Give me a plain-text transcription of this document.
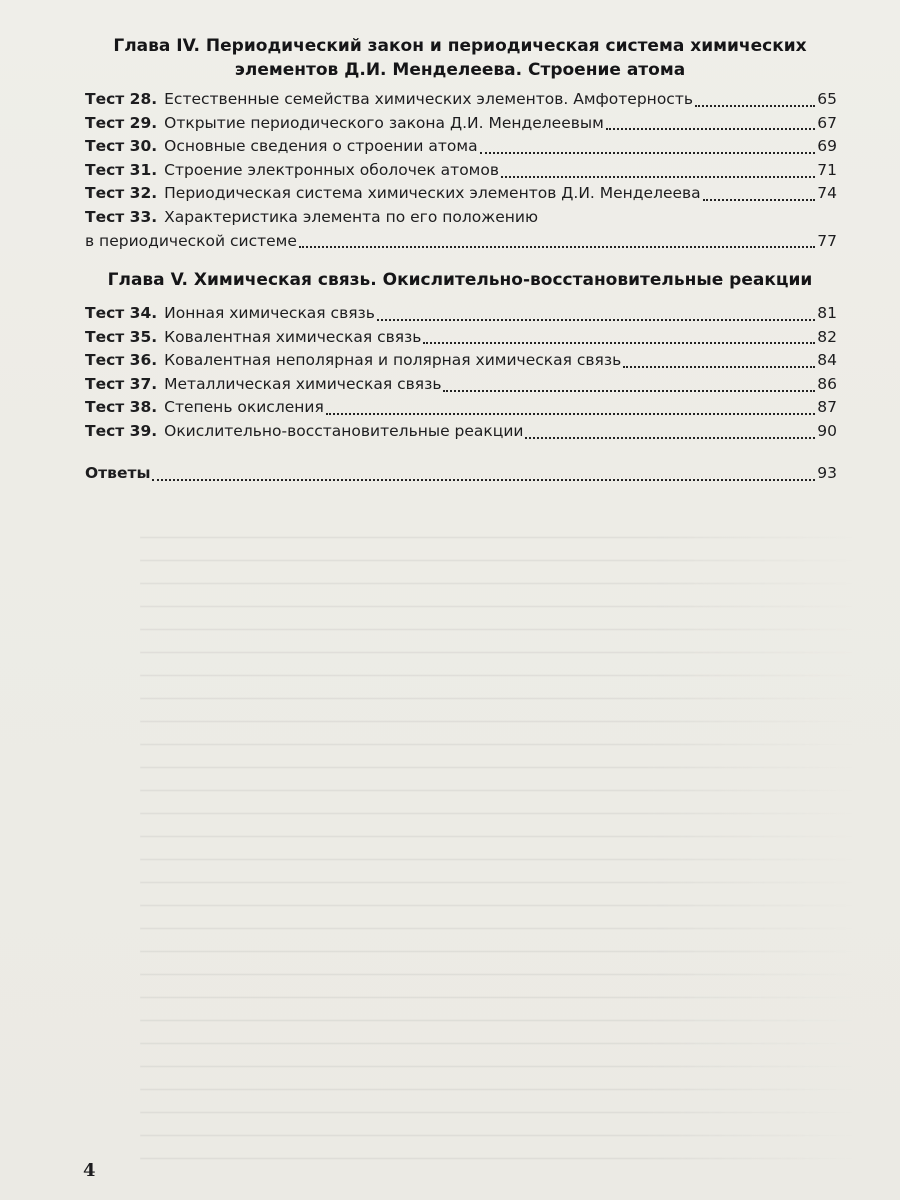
Глава IV. Периодический закон и периодическая система химических
элементов Д.И. Менделеева. Строение атома
Тест 28. Естественные семейства химических элементов. Амфотерность	65
Тест 29. Открытие периодического закона Д.И. Менделеевым	67
Тест 30. Основные сведения о строении атома	69
Тест 31. Строение электронных оболочек атомов	71
Тест 32. Периодическая система химических элементов Д.И. Менделеева	74
Тест 33. Характеристика элемента по его положению
в периодической системе	77
Глава V. Химическая связь. Окислительно-восстановительные реакции
Тест 34. Ионная химическая связь	81
Тест 35. Ковалентная химическая связь	82
Тест 36. Ковалентная неполярная и полярная химическая связь	84
Тест 37. Металлическая химическая связь	86
Тест 38. Степень окисления	87
Тест 39. Окислительно-восстановительные реакции	90
Ответы	93
4
